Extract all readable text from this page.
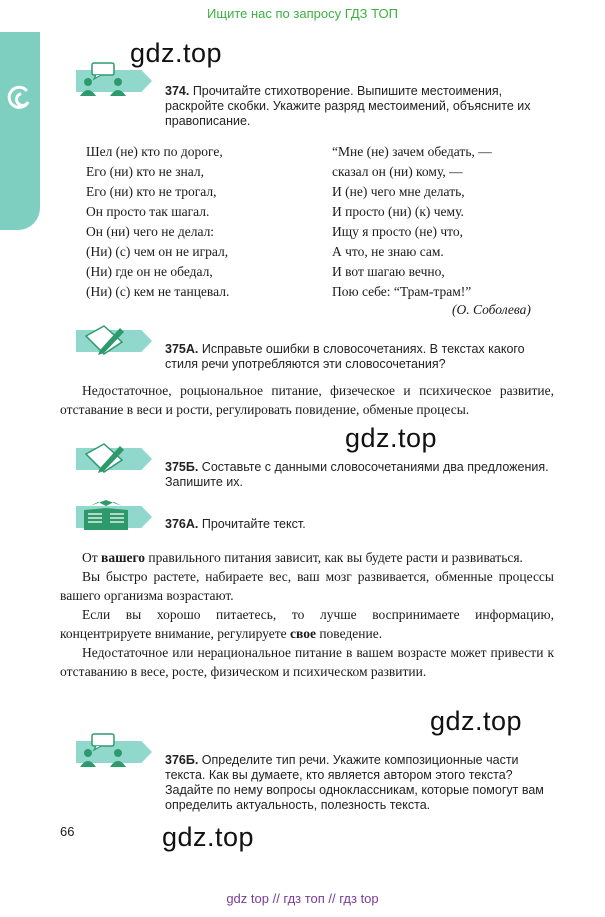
Ищите нас по запросу ГДЗ ТОП
gdz.top
gdz.top
gdz.top
gdz.top
374. Прочитайте стихотворение. Выпишите местоимения, раскройте скобки. Укажите разряд местоимений, объясните их правописание.
Шел (не) кто по дороге,
Его (ни) кто не знал,
Его (ни) кто не трогал,
Он просто так шагал.
Он (ни) чего не делал:
(Ни) (с) чем он не играл,
(Ни) где он не обедал,
(Ни) (с) кем не танцевал.
“Мне (не) зачем обедать, —
сказал он (ни) кому, —
И (не) чего мне делать,
И просто (ни) (к) чему.
Ищу я просто (не) что,
А что, не знаю сам.
И вот шагаю вечно,
Пою себе: “Трам-трам!”
(О. Соболева)
375А. Исправьте ошибки в словосочетаниях. В текстах какого стиля речи употребляются эти словосочетания?

Недостаточное, роцыональное питание, физеческое и психическое развитие, отставание в веси и рости, регулировать повидение, обменые процесы.

375Б. Составьте с данными словосочетаниями два предложения. Запишите их.
376А. Прочитайте текст.

От вашего правильного питания зависит, как вы будете расти и развиваться.

Вы быстро растете, набираете вес, ваш мозг развивается, обменные процессы вашего организма возрастают.

Если вы хорошо питаетесь, то лучше воспринимаете информацию, концентрируете внимание, регулируете свое поведение.

Недостаточное или нерациональное питание в вашем возрасте может привести к отставанию в весе, росте, физическом и психическом развитии.

376Б. Определите тип речи. Укажите композиционные части текста. Как вы думаете, кто является автором этого текста? Задайте по нему вопросы одноклассникам, которые помогут вам определить актуальность, полезность текста.
66
gdz top // гдз топ // гдз top
